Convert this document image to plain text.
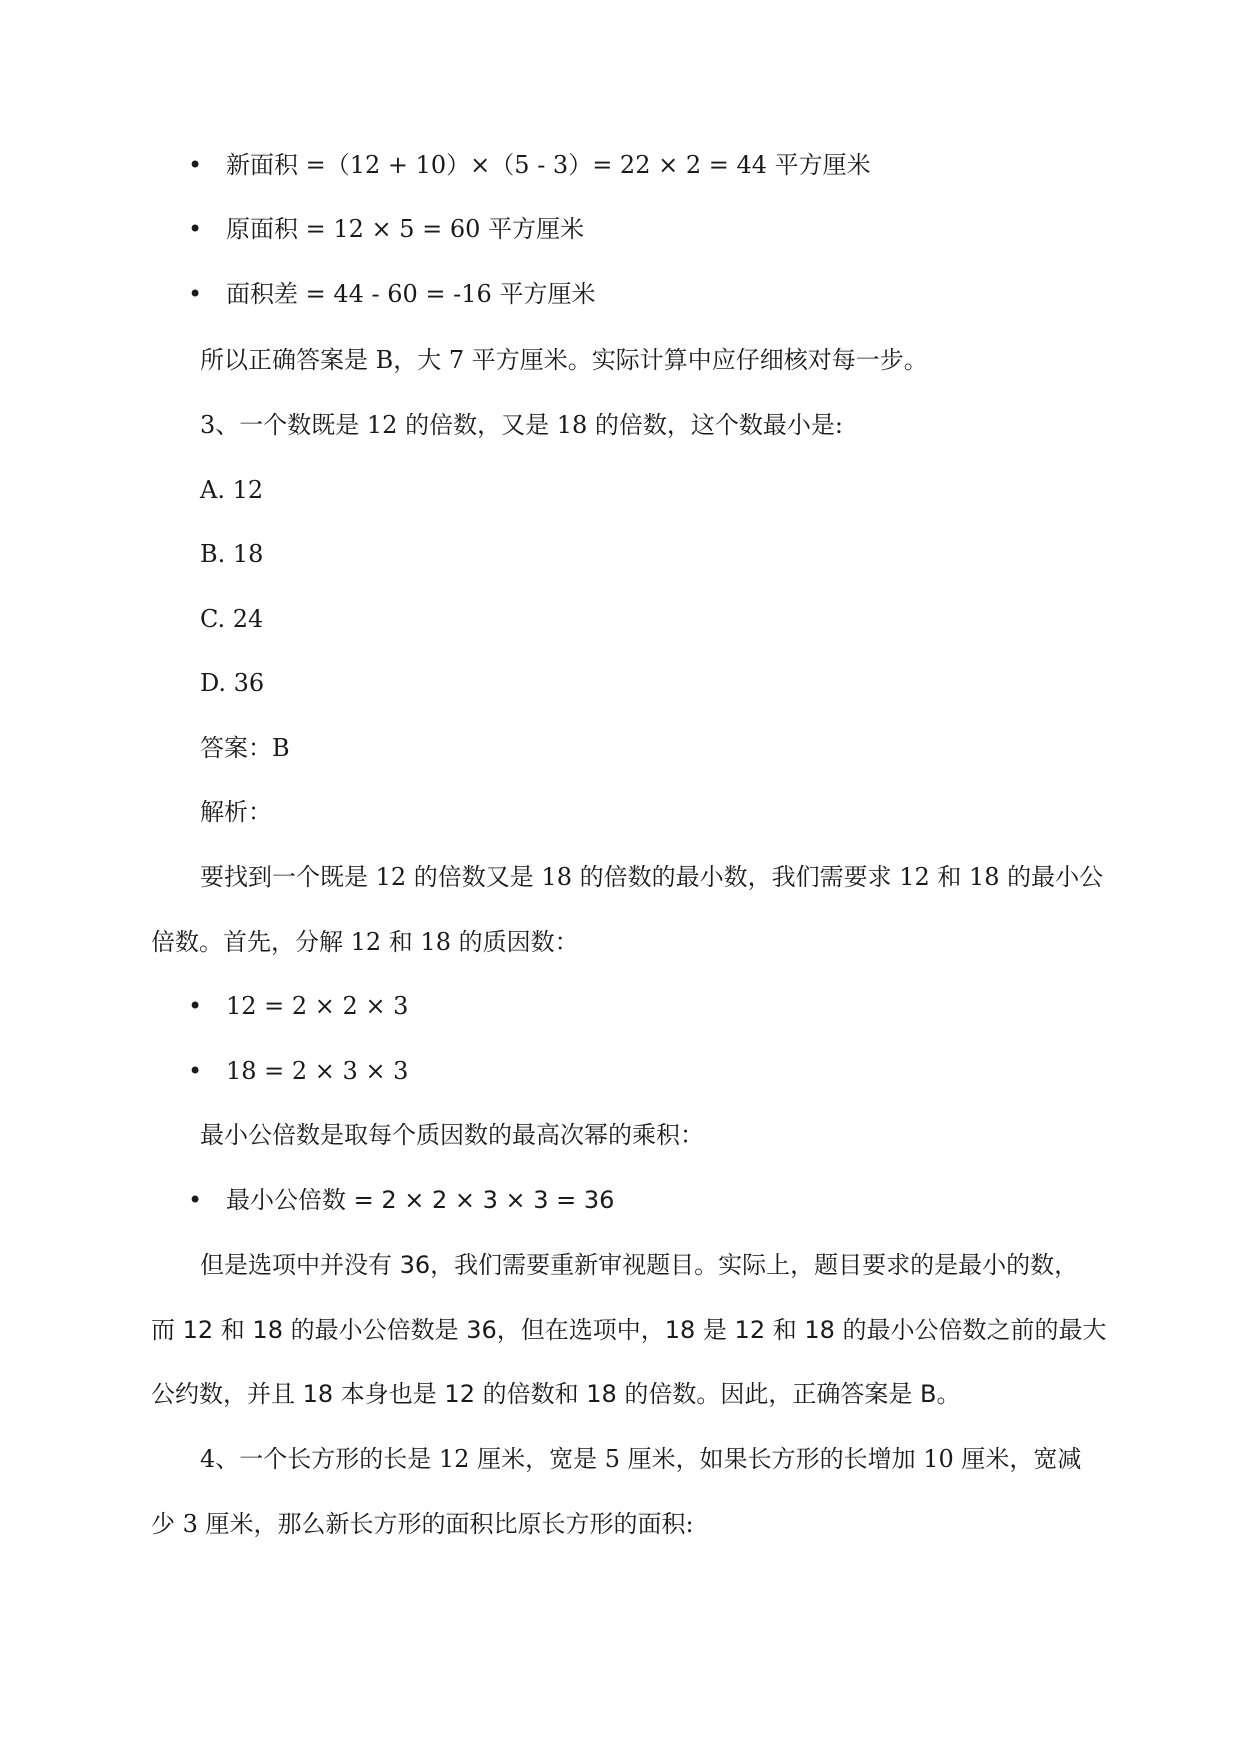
• 新面积 =（12 + 10）×（5 - 3）= 22 × 2 = 44 平方厘米
• 原面积 = 12 × 5 = 60 平方厘米
• 面积差 = 44 - 60 = -16 平方厘米
所以正确答案是 B，大 7 平方厘米。实际计算中应仔细核对每一步。
3、一个数既是 12 的倍数，又是 18 的倍数，这个数最小是:
A. 12
B. 18
C. 24
D. 36
答案：B
解析：
要找到一个既是 12 的倍数又是 18 的倍数的最小数，我们需要求 12 和 18 的最小公
倍数。首先，分解 12 和 18 的质因数：
• 12 = 2 × 2 × 3
• 18 = 2 × 3 × 3
最小公倍数是取每个质因数的最高次幂的乘积：
• 最小公倍数 = 2 × 2 × 3 × 3 = 36
但是选项中并没有 36，我们需要重新审视题目。实际上，题目要求的是最小的数，
而 12 和 18 的最小公倍数是 36，但在选项中，18 是 12 和 18 的最小公倍数之前的最大
公约数，并且 18 本身也是 12 的倍数和 18 的倍数。因此，正确答案是 B。
4、一个长方形的长是 12 厘米，宽是 5 厘米，如果长方形的长增加 10 厘米，宽减
少 3 厘米，那么新长方形的面积比原长方形的面积:
